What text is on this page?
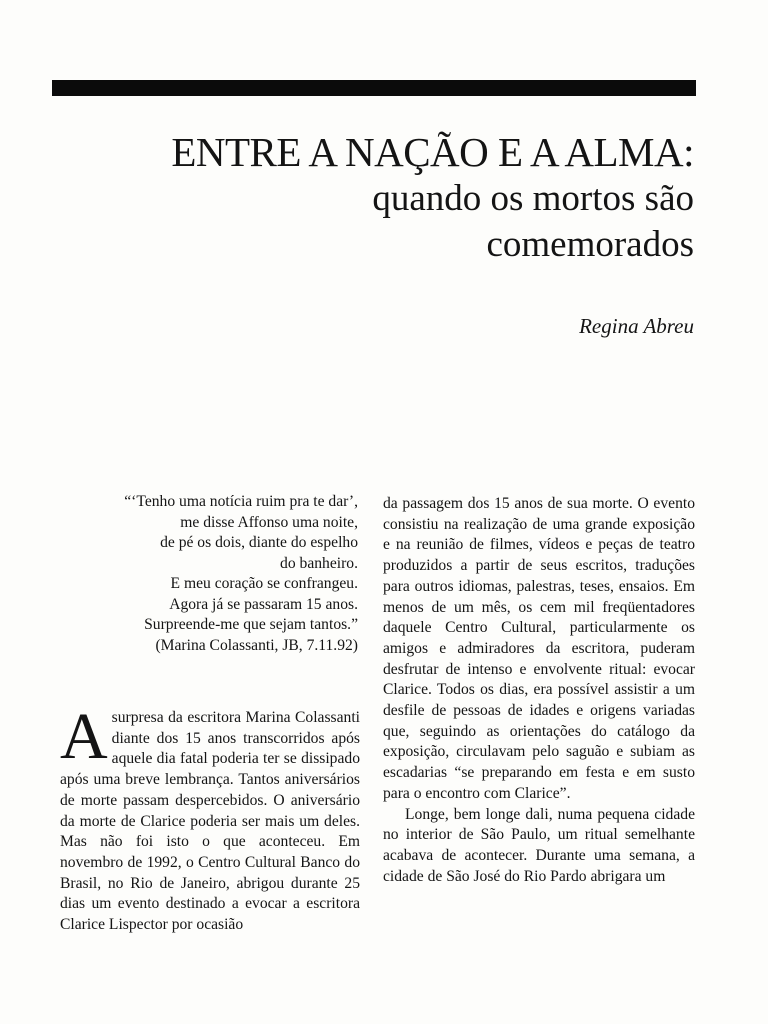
ENTRE A NAÇÃO E A ALMA:
quando os mortos são
comemorados
Regina Abreu
“‘Tenho uma notícia ruim pra te dar’,
me disse Affonso uma noite,
de pé os dois, diante do espelho
do banheiro.
E meu coração se confrangeu.
Agora já se passaram 15 anos.
Surpreende-me que sejam tantos.”
(Marina Colassanti, JB, 7.11.92)

A surpresa da escritora Marina Colassanti diante dos 15 anos transcorridos após aquele dia fatal poderia ter se dissipado após uma breve lembrança. Tantos aniversários de morte passam despercebidos. O aniversário da morte de Clarice poderia ser mais um deles. Mas não foi isto o que aconteceu. Em novembro de 1992, o Centro Cultural Banco do Brasil, no Rio de Janeiro, abrigou durante 25 dias um evento destinado a evocar a escritora Clarice Lispector por ocasião

da passagem dos 15 anos de sua morte. O evento consistiu na realização de uma grande exposição e na reunião de filmes, vídeos e peças de teatro produzidos a partir de seus escritos, traduções para outros idiomas, palestras, teses, ensaios. Em menos de um mês, os cem mil freqüentadores daquele Centro Cultural, particularmente os amigos e admiradores da escritora, puderam desfrutar de intenso e envolvente ritual: evocar Clarice. Todos os dias, era possível assistir a um desfile de pessoas de idades e origens variadas que, seguindo as orientações do catálogo da exposição, circulavam pelo saguão e subiam as escadarias “se preparando em festa e em susto para o encontro com Clarice”.

Longe, bem longe dali, numa pequena cidade no interior de São Paulo, um ritual semelhante acabava de acontecer. Durante uma semana, a cidade de São José do Rio Pardo abrigara um
